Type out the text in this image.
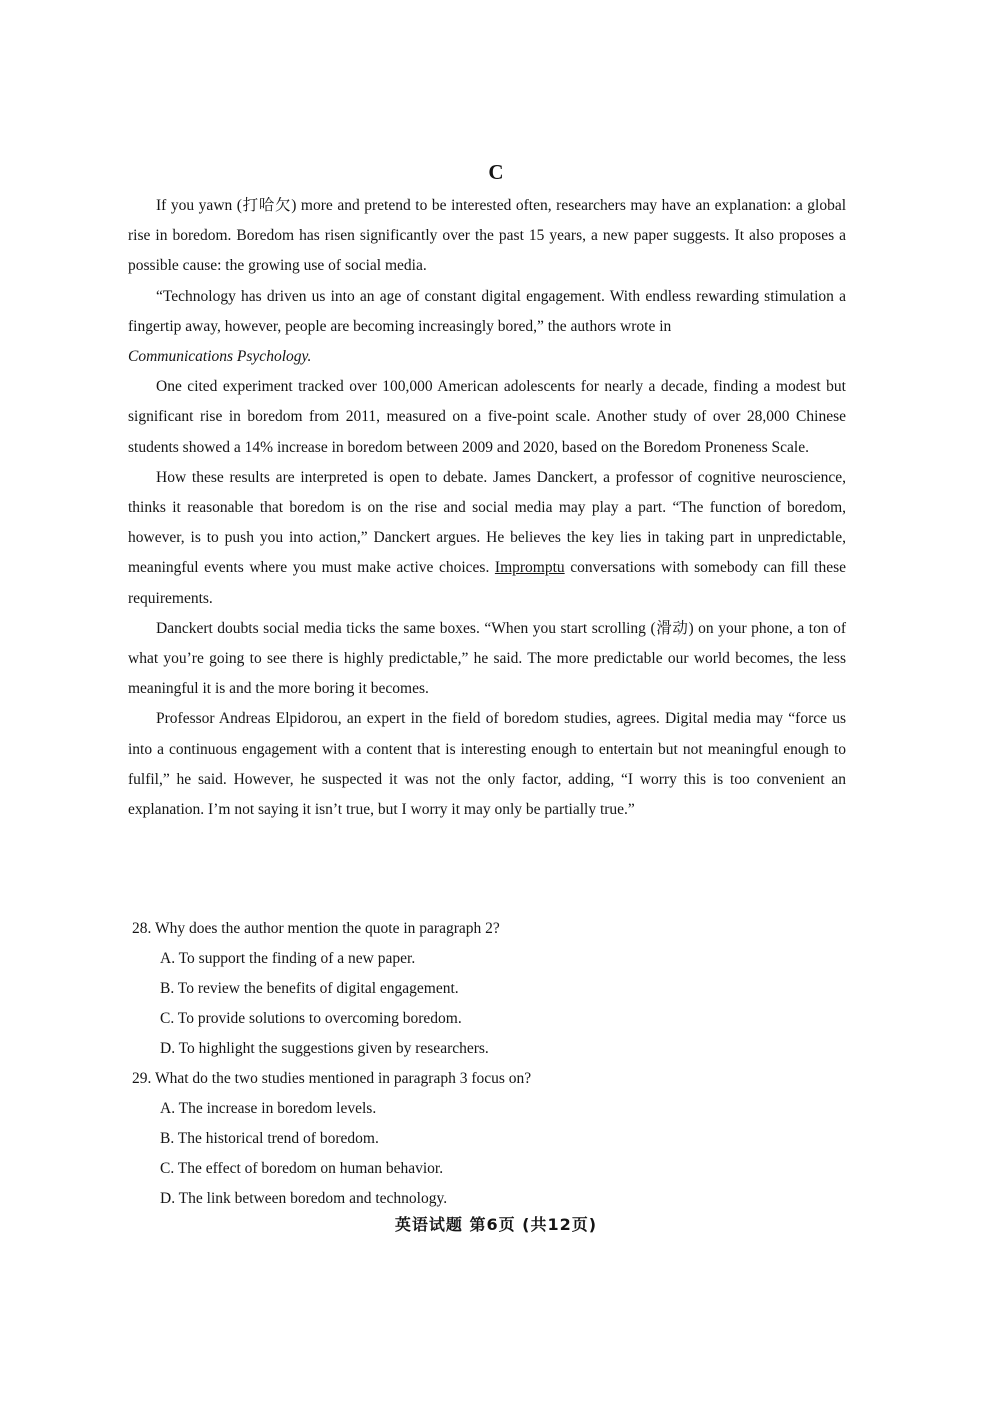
C

If you yawn (打哈欠) more and pretend to be interested often, researchers may have an explanation: a global rise in boredom. Boredom has risen significantly over the past 15 years, a new paper suggests. It also proposes a possible cause: the growing use of social media.

“Technology has driven us into an age of constant digital engagement. With endless rewarding stimulation a fingertip away, however, people are becoming increasingly bored,” the authors wrote in

Communications Psychology.

One cited experiment tracked over 100,000 American adolescents for nearly a decade, finding a modest but significant rise in boredom from 2011, measured on a five-point scale. Another study of over 28,000 Chinese students showed a 14% increase in boredom between 2009 and 2020, based on the Boredom Proneness Scale.

How these results are interpreted is open to debate. James Danckert, a professor of cognitive neuroscience, thinks it reasonable that boredom is on the rise and social media may play a part. “The function of boredom, however, is to push you into action,” Danckert argues. He believes the key lies in taking part in unpredictable, meaningful events where you must make active choices. Impromptu conversations with somebody can fill these requirements.

Danckert doubts social media ticks the same boxes. “When you start scrolling (滑动) on your phone, a ton of what you’re going to see there is highly predictable,” he said. The more predictable our world becomes, the less meaningful it is and the more boring it becomes.

Professor Andreas Elpidorou, an expert in the field of boredom studies, agrees. Digital media may “force us into a continuous engagement with a content that is interesting enough to entertain but not meaningful enough to fulfil,” he said. However, he suspected it was not the only factor, adding, “I worry this is too convenient an explanation. I’m not saying it isn’t true, but I worry it may only be partially true.”

28. Why does the author mention the quote in paragraph 2?

A. To support the finding of a new paper.

B. To review the benefits of digital engagement.

C. To provide solutions to overcoming boredom.

D. To highlight the suggestions given by researchers.

29. What do the two studies mentioned in paragraph 3 focus on?

A. The increase in boredom levels.

B. The historical trend of boredom.

C. The effect of boredom on human behavior.

D. The link between boredom and technology.

英语试题 第6页 (共12页)
